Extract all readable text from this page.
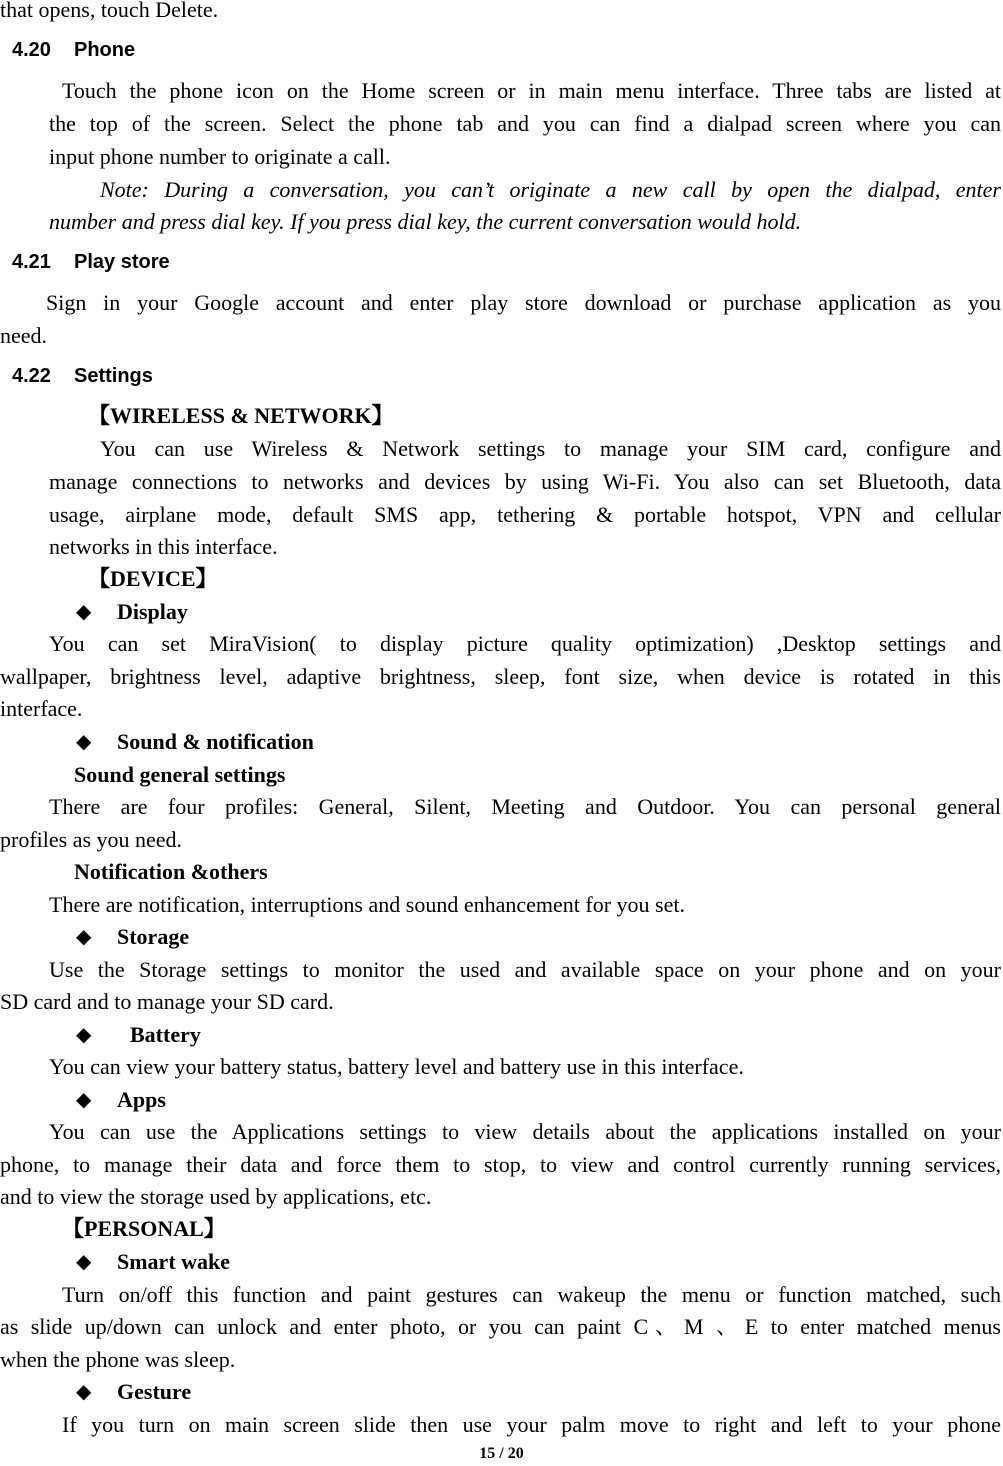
that opens, touch Delete.
4.20 Phone
Touch the phone icon on the Home screen or in main menu interface. Three tabs are listed at
the top of the screen. Select the phone tab and you can find a dialpad screen where you can
input phone number to originate a call.
Note: During a conversation, you can’t originate a new call by open the dialpad, enter
number and press dial key. If you press dial key, the current conversation would hold.
4.21 Play store
Sign in your Google account and enter play store download or purchase application as you
need.
4.22 Settings
【WIRELESS & NETWORK】
You can use Wireless & Network settings to manage your SIM card, configure and
manage connections to networks and devices by using Wi-Fi. You also can set Bluetooth, data
usage, airplane mode, default SMS app, tethering & portable hotspot, VPN and cellular
networks in this interface.
【DEVICE】
◆ Display
You can set MiraVision( to display picture quality optimization) ,Desktop settings and
wallpaper, brightness level, adaptive brightness, sleep, font size, when device is rotated in this
interface.
◆ Sound & notification
Sound general settings
There are four profiles: General, Silent, Meeting and Outdoor. You can personal general
profiles as you need.
Notification &others
There are notification, interruptions and sound enhancement for you set.
◆ Storage
Use the Storage settings to monitor the used and available space on your phone and on your
SD card and to manage your SD card.
◆ Battery
You can view your battery status, battery level and battery use in this interface.
◆ Apps
You can use the Applications settings to view details about the applications installed on your
phone, to manage their data and force them to stop, to view and control currently running services,
and to view the storage used by applications, etc.
【PERSONAL】
◆ Smart wake
Turn on/off this function and paint gestures can wakeup the menu or function matched, such
as slide up/down can unlock and enter photo, or you can paint C、M 、E to enter matched menus
when the phone was sleep.
◆ Gesture
If you turn on main screen slide then use your palm move to right and left to your phone
15 / 20
